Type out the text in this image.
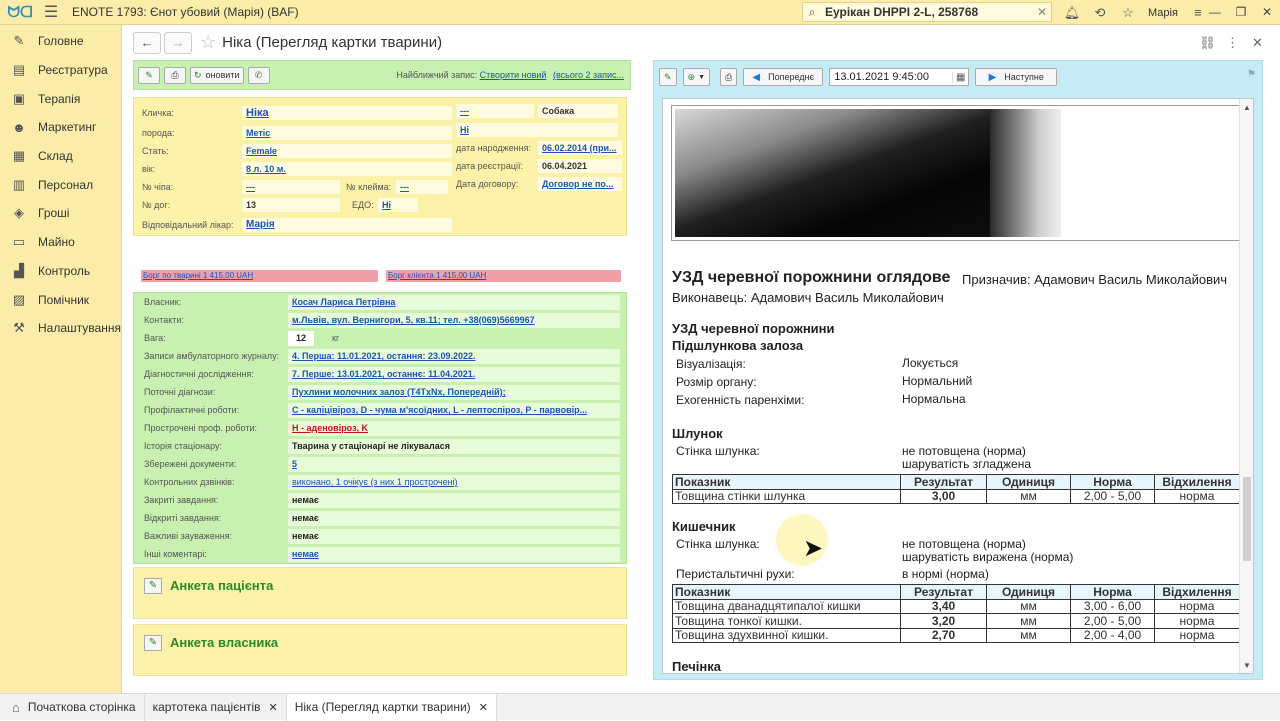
ᗢᗡ ☰	ENOTE 1793: Єнот убовий (Марія) (BAF)	⌕ Еурікан DHPPI 2-L, 258768	✕	🔔︎	⟲	☆	Марія	≡ —	❐	✕
✎ Головне
▤ Реєстратура
▣ Терапія
☻ Маркетинг
▦ Склад
▥ Персонал
◈	Гроші
▭ Майно
▟	Контроль
▨ Помічник
⚒ Налаштування
←	→ ☆ Ніка (Перегляд картки тварини)	⛓︎ ⋮	✕
✎ ⎙ ↻ оновити ✆	Найближчий запис: Створити новий (всього 2 запис...
Кличка:	Ніка
порода:	Метіс
Стать:	Female
вік:	8 л. 10 м.
№ чіпа:	---	№ клейма: ---
№ дог:	13	ЕДО: Ні
Відповідальний лікар:	Марія
---	Собака
Ні
дата народження:	06.02.2014 (при...
дата реєстрації:	06.04.2021
Дата договору:	Договор не по...
Борг по тварині 1 415,00 UAH	Борг клієнта 1 415,00 UAH
Власник:	Косач Лариса Петрівна
Контакти:	м.Львів, вул. Вернигори, 5, кв.11; тел. +38(069)5669967
Вага:	12	кг
Записи амбулаторного журналу:	4. Перша: 11.01.2021, остання: 23.09.2022.
Діагностичні дослідження:	7. Перше: 13.01.2021, останнє: 11.04.2021.
Поточні діагнози:	Пухлини молочних залоз (T4TxNx, Попередній);
Профілактичні роботи:	C - каліцівіроз, D - чума м'ясоїдних, L - лептоспіроз, P - парвовір...
Прострочені проф. роботи:	H - аденовіроз, K
Історія стаціонару:	Тварина у стаціонарі не лікувалася
Збережені документи:	5
Контрольних дзвінків:	виконано, 1 очікує (з них 1 прострочені)
Закриті завдання:	немає
Відкриті завдання:	немає
Важливі зауваження:	немає
Інші коментарі:	немає
✎ Анкета пацієнта
✎ Анкета власника
✎ ⊕ ▼ ⎙ ◀ Попереднє 13.01.2021 9:45:00	▦ ▶ Наступне	⚑
УЗД черевної порожнини оглядове Призначив: Адамович Василь Миколайович
Виконавець: Адамович Василь Миколайович
УЗД черевної порожнини
Підшлункова залоза
Візуалізація:	Локується
Розмір органу:	Нормальний
Ехогенність паренхіми:	Нормальна
Шлунок
Стінка шлунка:	не потовщена (норма)
шаруватість згладжена
Показник	Результат	Одиниця	Норма	Відхилення
Товщина стінки шлунка	3,00	мм	2,00 - 5,00	норма
Кишечник
Стінка шлунка:	не потовщена (норма)
шаруватість виражена (норма)
Перистальтичні рухи:	в нормі (норма)
Показник	Результат	Одиниця	Норма	Відхилення
Товщина дванадцятипалої кишки	3,40	мм	3,00 - 6,00	норма
Товщина тонкої кишки.	3,20	мм	2,00 - 5,00	норма
Товщина здухвинної кишки.	2,70	мм	2,00 - 4,00	норма
Печінка
▲
▼
➤
⌂ Початкова сторінка картотека пацієнтів ✕ Ніка (Перегляд картки тварини) ✕
